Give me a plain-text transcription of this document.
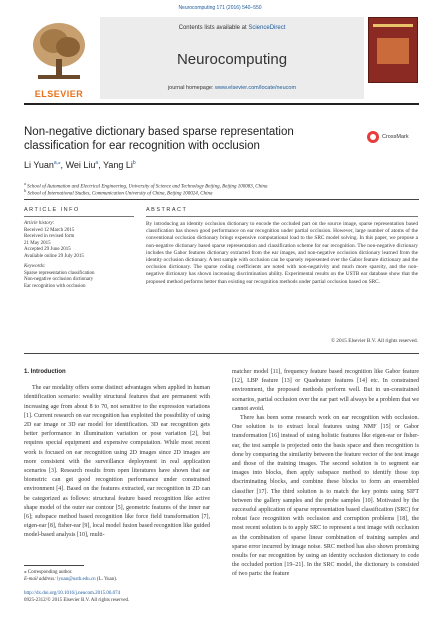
Neurocomputing 171 (2016) 540–550
ELSEVIER
Contents lists available at ScienceDirect
Neurocomputing
journal homepage: www.elsevier.com/locate/neucom
Non-negative dictionary based sparse representation classification for ear recognition with occlusion
CrossMark
Li Yuan$^{a,⁎}$, Wei Liu$^a$, Yang Li$^b$
$^a$ School of Automation and Electrical Engineering, University of Science and Technology Beijing, Beijing 100083, China
$^b$ School of International Studies, Communication University of China, Beijing 100024, China
ARTICLE INFO	ABSTRACT
Article history:
Received 12 March 2015
Received in revised form
21 May 2015
Accepted 29 June 2015
Available online 29 July 2015
Keywords:
Sparse representation classification
Non-negative occlusion dictionary
Ear recognition with occlusion
By introducing an identity occlusion dictionary to encode the occluded part on the source image, sparse representation based classification has shown good performance on ear recognition under partial occlusion. However, large number of atoms of the conventional occlusion dictionary brings expensive computational load to the SRC model solving. In this paper, we propose a non-negative dictionary based sparse representation and classification scheme for ear recognition. The non-negative dictionary includes the Gabor features dictionary extracted from the ear images, and non-negative occlusion dictionary learned from the identity occlusion dictionary. A test sample with occlusion can be sparsely represented over the Gabor feature dictionary and the occlusion dictionary. The sparse coding coefficients are noted with non-negativity and much more sparsity, and the non-negative dictionary has shown increasing discrimination ability. Experimental results on the USTB ear database show that the proposed method performs better than existing ear recognition methods under partial occlusion based on SRC.
© 2015 Elsevier B.V. All rights reserved.
1. Introduction

The ear modality offers some distinct advantages when applied in human identification scenario: wealthy structural features that are permanent with increasing age from about 8 to 70, not sensitive to the expression variations [1]. Current research on ear recognition has exploited the possibility of using 2D ear image or 3D ear model for identification. 3D ear recognition gets better performance in illumination variation or pose variation [2], but requires special equipment and expensive computation. While most recent work is focused on ear recognition using 2D images since 2D images are more consistent with the surveillance deployment in real application scenarios [3]. Research results from open literatures have shown that ear biometric can get good recognition performance under constrained environment [4]. Based on the features extracted, ear recognition in 2D can be categorized as follows: structural feature based recognition like active shape model of the outer ear contour [5], geometric features of the inner ear [6]; subspace method based recognition like force field transformation [7], eigen-ear [8], fisher-ear [9], local model fusion based recognition like guided model-based analysis [10], multi-

matcher model [11], frequency feature based recognition like Gabor feature [12], LBP feature [13] or Quadrature features [14] etc. In constrained environment, the proposed methods perform well. But in un-constrained scenarios, partial occlusion over the ear part will always be a problem that we cannot avoid.

There has been some research work on ear recognition with occlusion. One solution is to extract local features using NMF [15] or Gabor transformation [16] instead of using holistic features like eigen-ear or fisher-ear, the test sample is projected onto the basis space and then recognition is done by comparing the similarity between the feature vector of the test image and those of the training images. The second solution is to segment ear images into blocks, then apply subspace method to identify those top discriminating blocks, and combine these blocks to form an ensembled classifier [17]. The third solution is to match the key points using SIFT between the gallery samples and the probe samples [10]. Motivated by the successful application of sparse representation based classification (SRC) for robust face recognition with occlusion and corruption problems [18], the most recent solution is to apply SRC to represent a test image with occlusion as the combination of sparse linear combination of training samples and sparse error incurred by image noise. SRC method has also shown promising results for ear recognition by using an identity occlusion dictionary to code the occluded portion [19–21]. In the SRC model, the dictionary is consisted of two parts: the feature

⁎ Corresponding author.
E-mail address: lyuan@ustb.edu.cn (L. Yuan).
http://dx.doi.org/10.1016/j.neucom.2015.06.074
0925-2312/© 2015 Elsevier B.V. All rights reserved.
